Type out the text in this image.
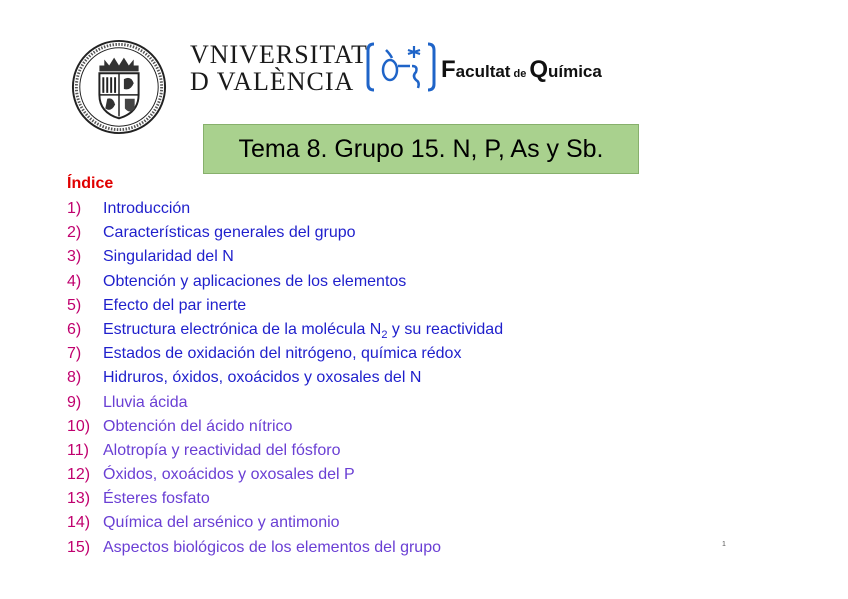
VNIVERSITAT
D VALÈNCIA	Facultat de Química
Tema 8. Grupo 15. N, P, As y Sb.
Índice
1)	Introducción
2)	Características generales del grupo
3)	Singularidad del N
4)	Obtención y aplicaciones de los elementos
5)	Efecto del par inerte
6)	Estructura electrónica de la molécula $N_2$ y su reactividad
7)	Estados de oxidación del nitrógeno, química rédox
8)	Hidruros, óxidos, oxoácidos y oxosales del N
9)	Lluvia ácida
10) Obtención del ácido nítrico
11) Alotropía y reactividad del fósforo
12) Óxidos, oxoácidos y oxosales del P
13) Ésteres fosfato
14) Química del arsénico y antimonio
15) Aspectos biológicos de los elementos del grupo	1
